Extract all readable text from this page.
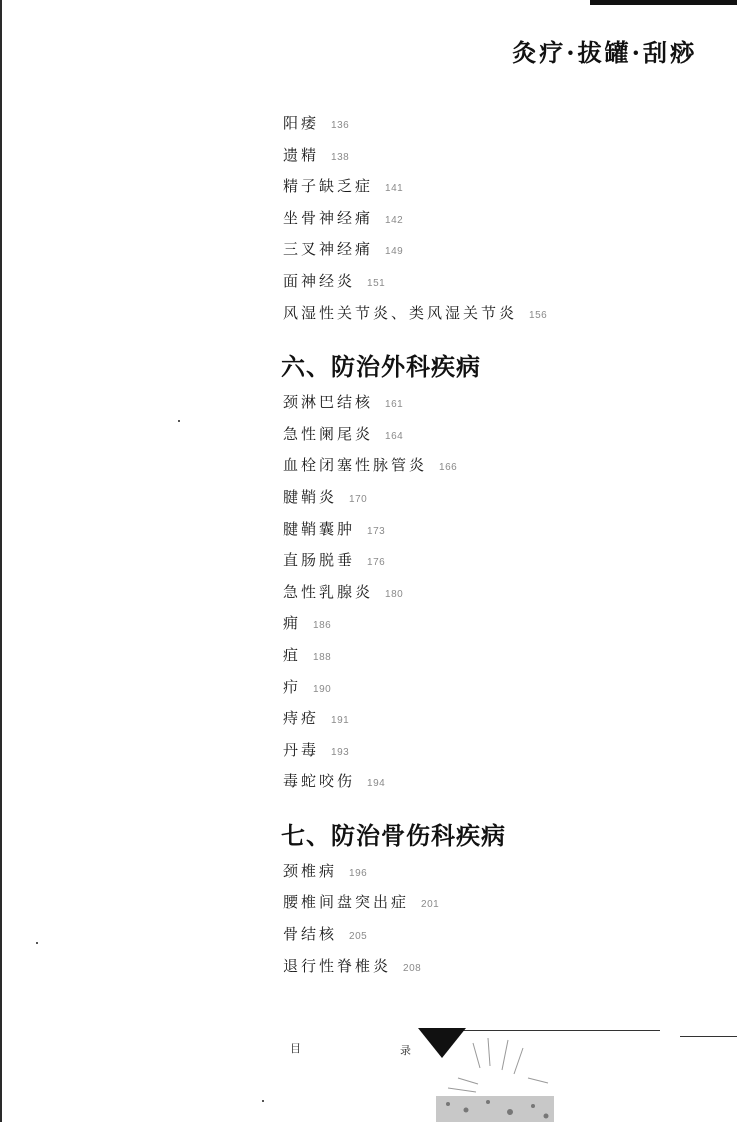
灸疗·拔罐·刮痧
阳痿 136
遗精 138
精子缺乏症 141
坐骨神经痛 142
三叉神经痛 149
面神经炎 151
风湿性关节炎、类风湿关节炎 156
六、防治外科疾病
颈淋巴结核 161
急性阑尾炎 164
血栓闭塞性脉管炎 166
腱鞘炎 170
腱鞘囊肿 173
直肠脱垂 176
急性乳腺炎 180
痈 186
疽 188
疖 190
痔疮 191
丹毒 193
毒蛇咬伤 194
七、防治骨伤科疾病
颈椎病 196
腰椎间盘突出症 201
骨结核 205
退行性脊椎炎 208
目	录
